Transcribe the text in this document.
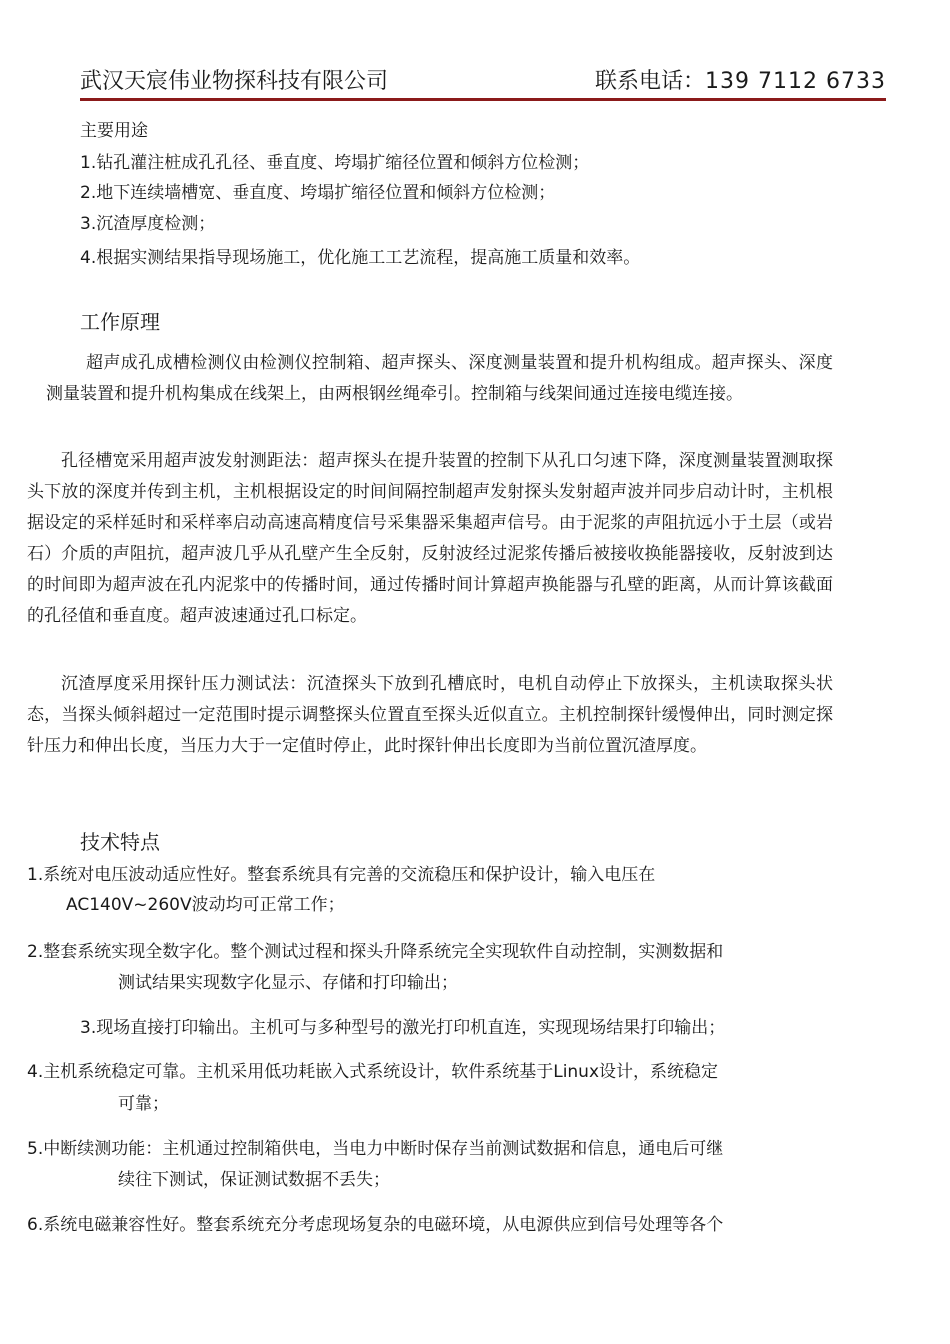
武汉天宸伟业物探科技有限公司	联系电话：139 7112 6733
主要用途
1.钻孔灌注桩成孔孔径、垂直度、垮塌扩缩径位置和倾斜方位检测；
2.地下连续墙槽宽、垂直度、垮塌扩缩径位置和倾斜方位检测；
3.沉渣厚度检测；
4.根据实测结果指导现场施工，优化施工工艺流程，提高施工质量和效率。
工作原理
超声成孔成槽检测仪由检测仪控制箱、超声探头、深度测量装置和提升机构组成。超声探头、深度测量装置和提升机构集成在线架上，由两根钢丝绳牵引。控制箱与线架间通过连接电缆连接。
孔径槽宽采用超声波发射测距法：超声探头在提升装置的控制下从孔口匀速下降，深度测量装置测取探头下放的深度并传到主机，主机根据设定的时间间隔控制超声发射探头发射超声波并同步启动计时，主机根据设定的采样延时和采样率启动高速高精度信号采集器采集超声信号。由于泥浆的声阻抗远小于土层（或岩石）介质的声阻抗，超声波几乎从孔壁产生全反射，反射波经过泥浆传播后被接收换能器接收，反射波到达的时间即为超声波在孔内泥浆中的传播时间，通过传播时间计算超声换能器与孔壁的距离，从而计算该截面的孔径值和垂直度。超声波速通过孔口标定。
沉渣厚度采用探针压力测试法：沉渣探头下放到孔槽底时，电机自动停止下放探头，主机读取探头状态，当探头倾斜超过一定范围时提示调整探头位置直至探头近似直立。主机控制探针缓慢伸出，同时测定探针压力和伸出长度，当压力大于一定值时停止，此时探针伸出长度即为当前位置沉渣厚度。
技术特点
1.系统对电压波动适应性好。整套系统具有完善的交流稳压和保护设计，输入电压在
AC140V~260V波动均可正常工作；
2.整套系统实现全数字化。整个测试过程和探头升降系统完全实现软件自动控制，实测数据和
测试结果实现数字化显示、存储和打印输出；
3.现场直接打印输出。主机可与多种型号的激光打印机直连，实现现场结果打印输出；
4.主机系统稳定可靠。主机采用低功耗嵌入式系统设计，软件系统基于Linux设计，系统稳定
可靠；
5.中断续测功能：主机通过控制箱供电，当电力中断时保存当前测试数据和信息，通电后可继
续往下测试，保证测试数据不丢失；
6.系统电磁兼容性好。整套系统充分考虑现场复杂的电磁环境，从电源供应到信号处理等各个
